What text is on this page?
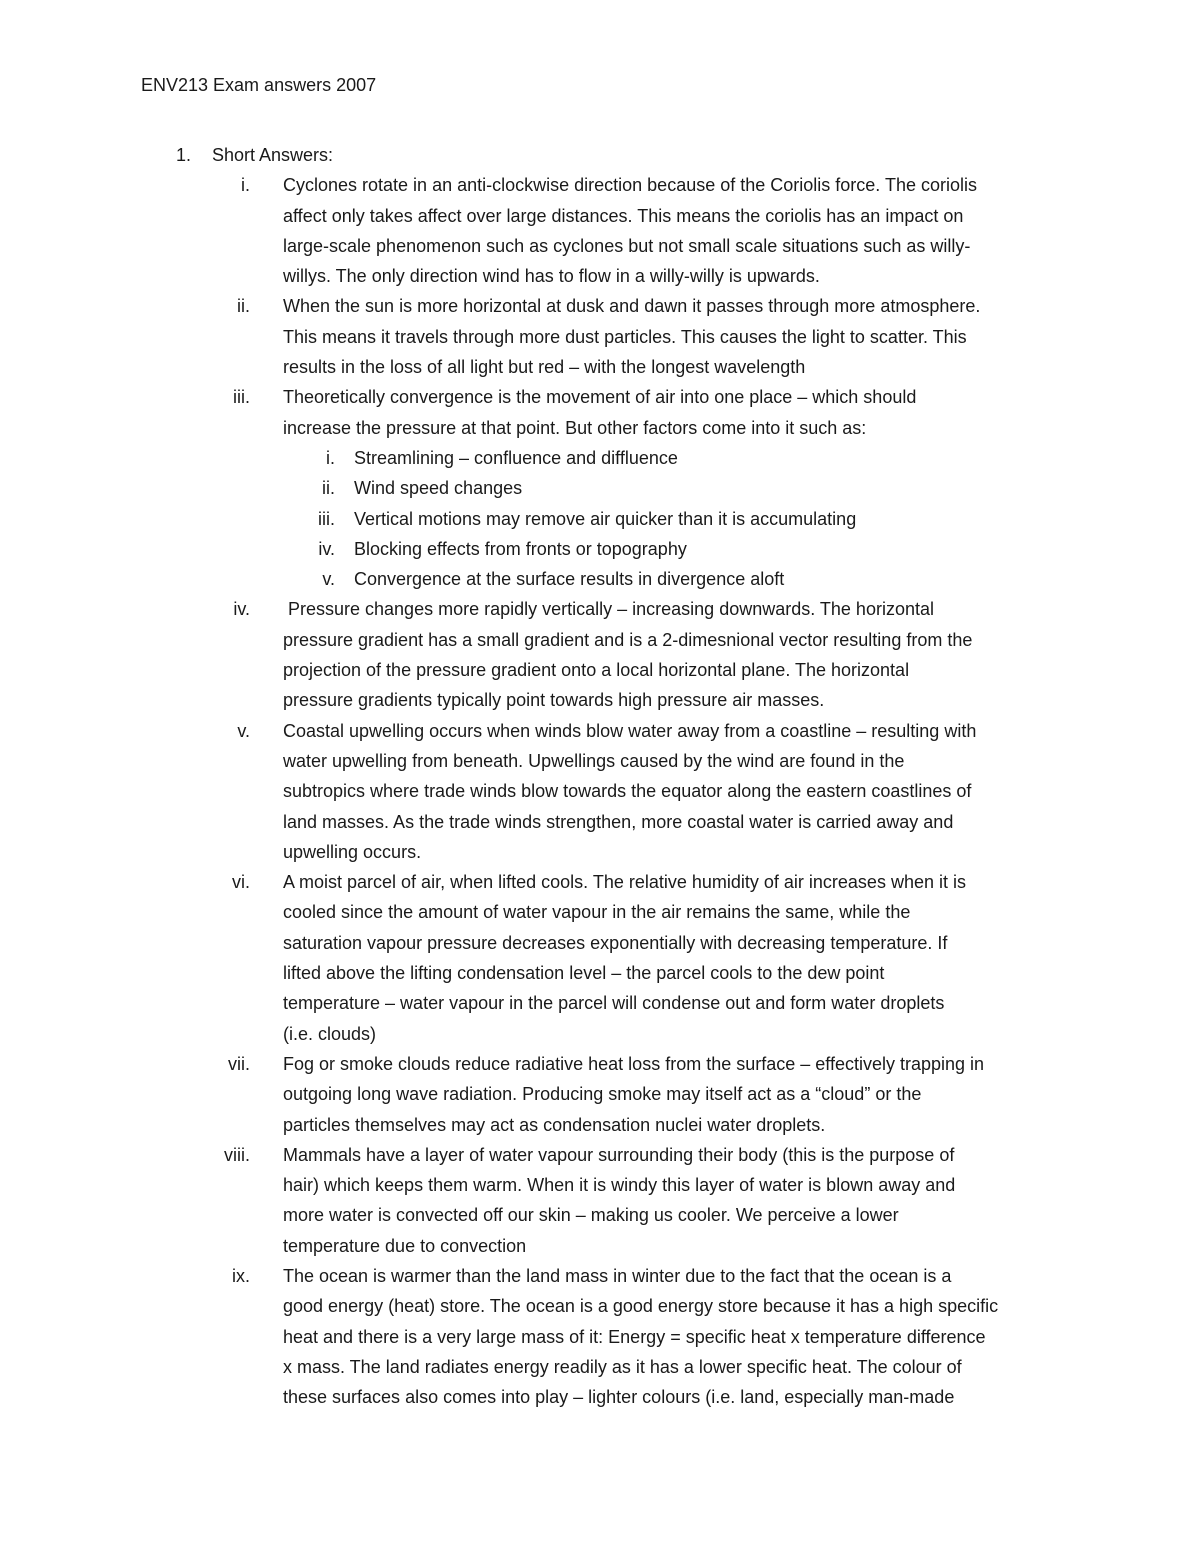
ENV213 Exam answers 2007
1. Short Answers:
i. Cyclones rotate in an anti-clockwise direction because of the Coriolis force. The coriolis
affect only takes affect over large distances. This means the coriolis has an impact on
large-scale phenomenon such as cyclones but not small scale situations such as willy-
willys. The only direction wind has to flow in a willy-willy is upwards.
ii. When the sun is more horizontal at dusk and dawn it passes through more atmosphere.
This means it travels through more dust particles. This causes the light to scatter. This
results in the loss of all light but red – with the longest wavelength
iii. Theoretically convergence is the movement of air into one place – which should
increase the pressure at that point. But other factors come into it such as:
i. Streamlining – confluence and diffluence
ii. Wind speed changes
iii. Vertical motions may remove air quicker than it is accumulating
iv. Blocking effects from fronts or topography
v. Convergence at the surface results in divergence aloft
iv. Pressure changes more rapidly vertically – increasing downwards. The horizontal
pressure gradient has a small gradient and is a 2-dimesnional vector resulting from the
projection of the pressure gradient onto a local horizontal plane. The horizontal
pressure gradients typically point towards high pressure air masses.
v. Coastal upwelling occurs when winds blow water away from a coastline – resulting with
water upwelling from beneath. Upwellings caused by the wind are found in the
subtropics where trade winds blow towards the equator along the eastern coastlines of
land masses. As the trade winds strengthen, more coastal water is carried away and
upwelling occurs.
vi. A moist parcel of air, when lifted cools. The relative humidity of air increases when it is
cooled since the amount of water vapour in the air remains the same, while the
saturation vapour pressure decreases exponentially with decreasing temperature. If
lifted above the lifting condensation level – the parcel cools to the dew point
temperature – water vapour in the parcel will condense out and form water droplets
(i.e. clouds)
vii. Fog or smoke clouds reduce radiative heat loss from the surface – effectively trapping in
outgoing long wave radiation. Producing smoke may itself act as a “cloud” or the
particles themselves may act as condensation nuclei water droplets.
viii. Mammals have a layer of water vapour surrounding their body (this is the purpose of
hair) which keeps them warm. When it is windy this layer of water is blown away and
more water is convected off our skin – making us cooler. We perceive a lower
temperature due to convection
ix. The ocean is warmer than the land mass in winter due to the fact that the ocean is a
good energy (heat) store. The ocean is a good energy store because it has a high specific
heat and there is a very large mass of it: Energy = specific heat x temperature difference
x mass. The land radiates energy readily as it has a lower specific heat. The colour of
these surfaces also comes into play – lighter colours (i.e. land, especially man-made
